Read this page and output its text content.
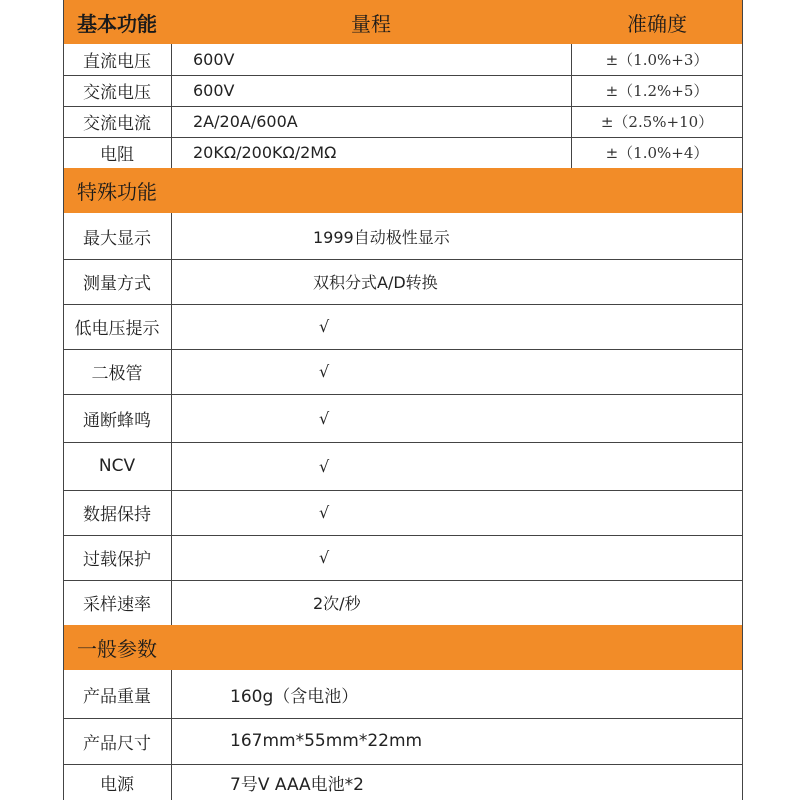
基本功能	量程	准确度
直流电压	600V	±（1.0%+3）
交流电压	600V	±（1.2%+5）
交流电流	2A/20A/600A	±（2.5%+10）
电阻	20KΩ/200KΩ/2MΩ	±（1.0%+4）
特殊功能
最大显示	1999自动极性显示
测量方式	双积分式A/D转换
低电压提示	√
二极管	√
通断蜂鸣	√
NCV	√
数据保持	√
过载保护	√
采样速率	2次/秒
一般参数
产品重量	160g（含电池）
产品尺寸	167mm*55mm*22mm
电源	7号V AAA电池*2
